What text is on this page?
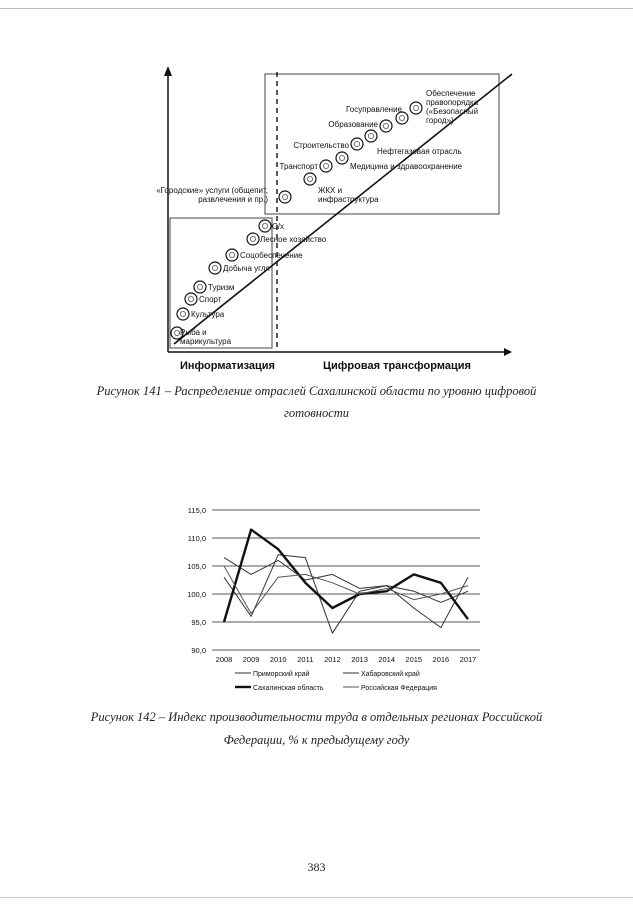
Рыба и марикультура
Культура
Спорт
Туризм
Добыча угля
Соцобеспечение
Лесное хозяйство
С/х
«Городские» услуги (общепит, развлечения и пр.)
ЖКХ и инфраструктура
Транспорт	Медицина и здравоохранение
Строительство
Нефтегазовая отрасль
Образование
Госуправление
Обеспечение правопорядка («Безопасный город»)
Информатизация	Цифровая трансформация
Рисунок 141 – Распределение отраслей Сахалинской области по уровню цифровой
готовности
90,0
95,0
100,0
105,0
110,0
115,0
2008 2009 2010 2011 2012 2013 2014 2015 2016 2017
Приморский край	Хабаровский край
Сахалинская область	Российская Федерация
Рисунок 142 – Индекс производительности труда в отдельных регионах Российской
Федерации, % к предыдущему году
383
